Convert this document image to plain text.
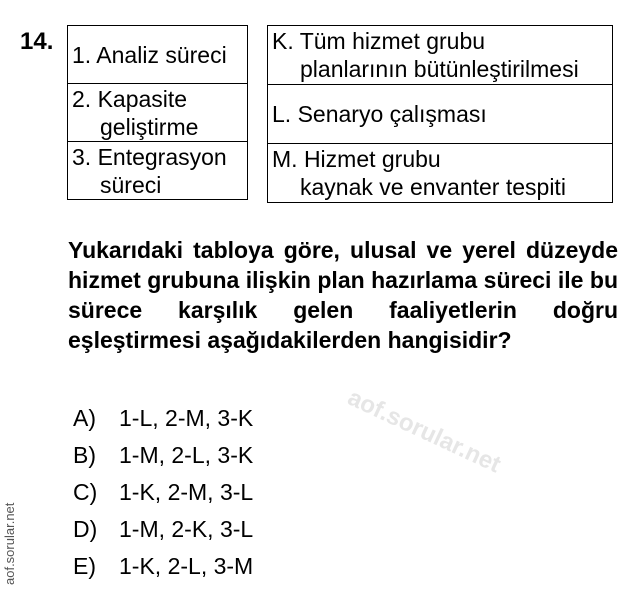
14. 1. Analiz süreci
2. Kapasite

geliştirme

3. Entegrasyon

süreci
K. Tüm hizmet grubu

planlarının bütünleştirilmesi

L. Senaryo çalışması
M. Hizmet grubu

kaynak ve envanter tespiti
Yukarıdaki tabloya göre, ulusal ve yerel düzeyde hizmet grubuna ilişkin plan hazırlama süreci ile bu sürece karşılık gelen faaliyetlerin doğru eşleştirmesi aşağıdakilerden hangisidir?
aof.sorular.net
A) 1-L, 2-M, 3-K
B) 1-M, 2-L, 3-K
C) 1-K, 2-M, 3-L
D) 1-M, 2-K, 3-L
E) 1-K, 2-L, 3-M
aof.sorular.net
